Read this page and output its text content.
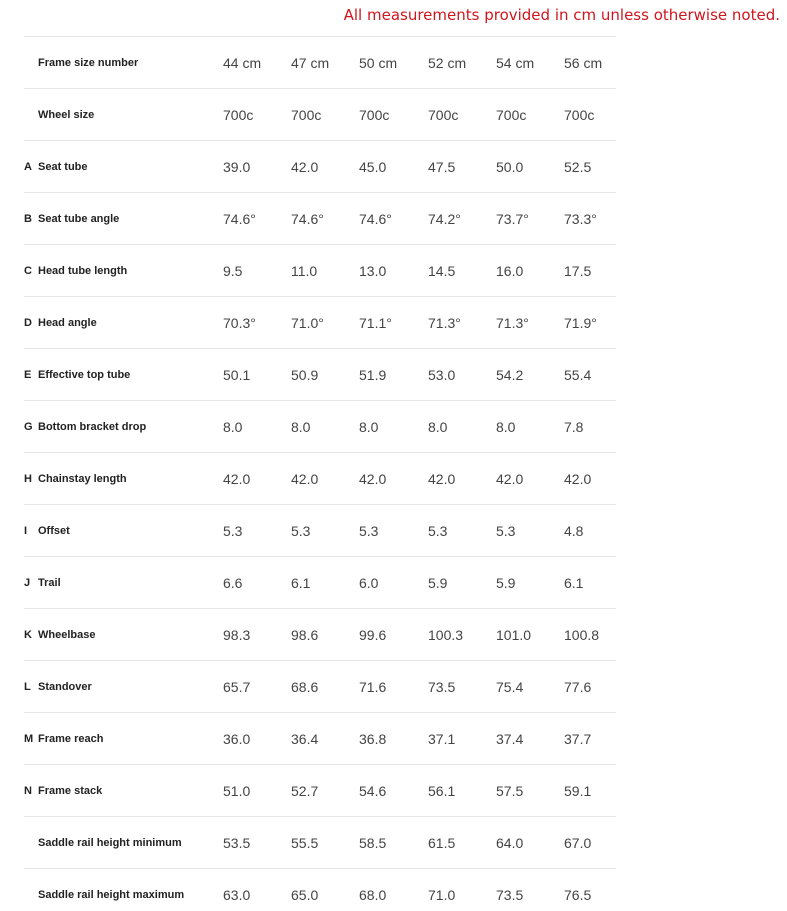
All measurements provided in cm unless otherwise noted.
Frame size number	44 cm 47 cm 50 cm 52 cm 54 cm 56 cm
Wheel size	700c	700c	700c	700c	700c	700c
A Seat tube	39.0	42.0	45.0	47.5	50.0	52.5
B Seat tube angle	74.6°	74.6°	74.6°	74.2°	73.7°	73.3°
C Head tube length	9.5	11.0	13.0	14.5	16.0	17.5
D Head angle	70.3°	71.0°	71.1°	71.3°	71.3°	71.9°
E Effective top tube	50.1	50.9	51.9	53.0	54.2	55.4
G Bottom bracket drop	8.0	8.0	8.0	8.0	8.0	7.8
H Chainstay length	42.0	42.0	42.0	42.0	42.0	42.0
I Offset	5.3	5.3	5.3	5.3	5.3	4.8
J Trail	6.6	6.1	6.0	5.9	5.9	6.1
K Wheelbase	98.3	98.6	99.6	100.3 101.0 100.8
L Standover	65.7	68.6	71.6	73.5	75.4	77.6
M Frame reach	36.0	36.4	36.8	37.1	37.4	37.7
N Frame stack	51.0	52.7	54.6	56.1	57.5	59.1
Saddle rail height minimum	53.5	55.5	58.5	61.5	64.0	67.0
Saddle rail height maximum	63.0	65.0	68.0	71.0	73.5	76.5
